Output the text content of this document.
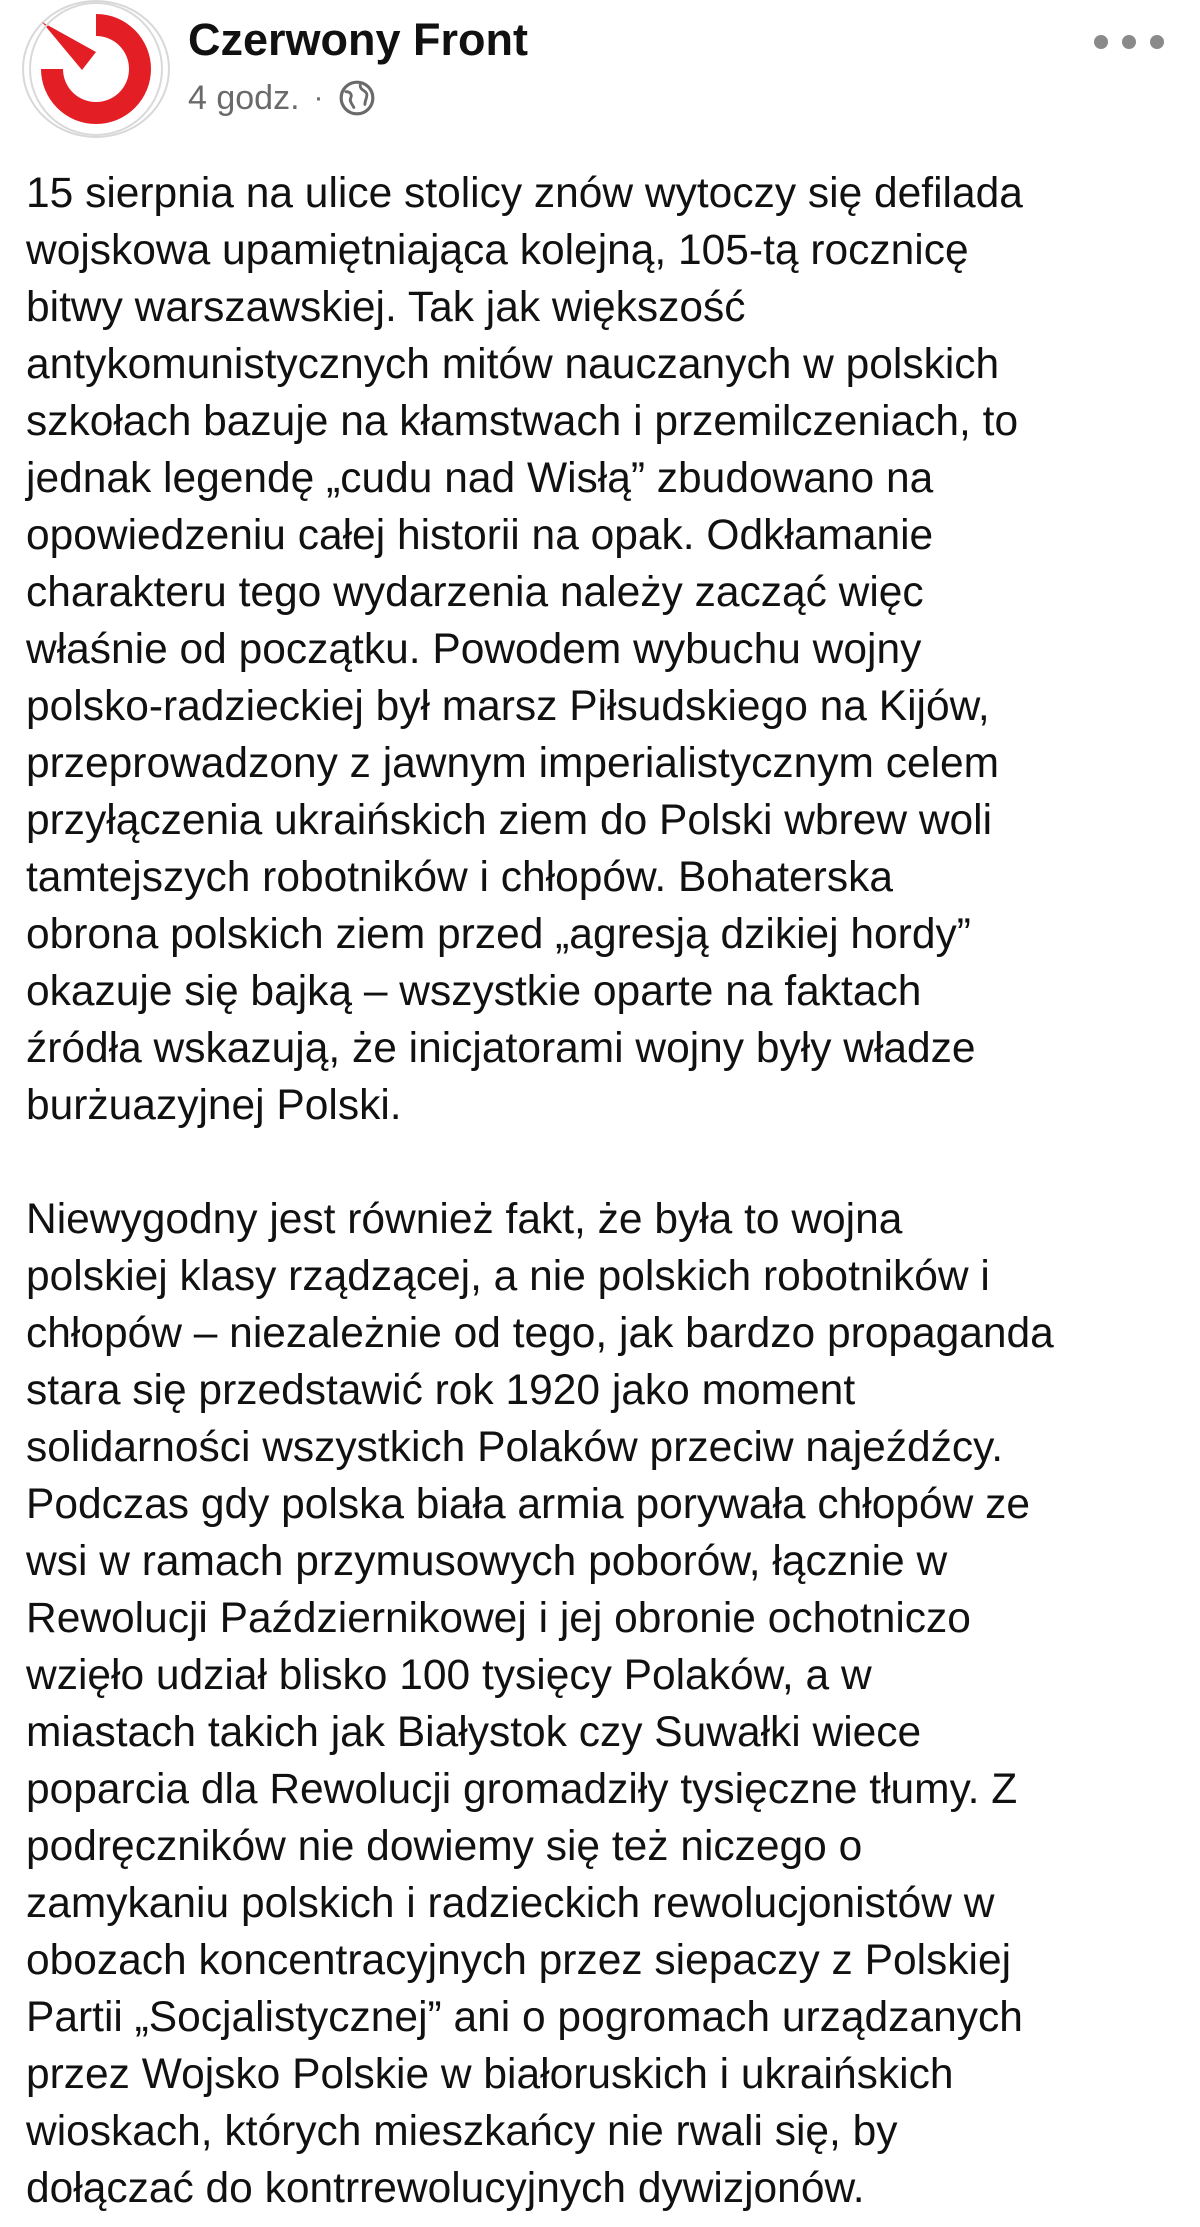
Czerwony Front
4 godz. ·

15 sierpnia na ulice stolicy znów wytoczy się defilada
wojskowa upamiętniająca kolejną, 105-tą rocznicę
bitwy warszawskiej. Tak jak większość
antykomunistycznych mitów nauczanych w polskich
szkołach bazuje na kłamstwach i przemilczeniach, to
jednak legendę „cudu nad Wisłą” zbudowano na
opowiedzeniu całej historii na opak. Odkłamanie
charakteru tego wydarzenia należy zacząć więc
właśnie od początku. Powodem wybuchu wojny
polsko-radzieckiej był marsz Piłsudskiego na Kijów,
przeprowadzony z jawnym imperialistycznym celem
przyłączenia ukraińskich ziem do Polski wbrew woli
tamtejszych robotników i chłopów. Bohaterska
obrona polskich ziem przed „agresją dzikiej hordy”
okazuje się bajką – wszystkie oparte na faktach
źródła wskazują, że inicjatorami wojny były władze
burżuazyjnej Polski.

Niewygodny jest również fakt, że była to wojna
polskiej klasy rządzącej, a nie polskich robotników i
chłopów – niezależnie od tego, jak bardzo propaganda
stara się przedstawić rok 1920 jako moment
solidarności wszystkich Polaków przeciw najeźdźcy.
Podczas gdy polska biała armia porywała chłopów ze
wsi w ramach przymusowych poborów, łącznie w
Rewolucji Październikowej i jej obronie ochotniczo
wzięło udział blisko 100 tysięcy Polaków, a w
miastach takich jak Białystok czy Suwałki wiece
poparcia dla Rewolucji gromadziły tysięczne tłumy. Z
podręczników nie dowiemy się też niczego o
zamykaniu polskich i radzieckich rewolucjonistów w
obozach koncentracyjnych przez siepaczy z Polskiej
Partii „Socjalistycznej” ani o pogromach urządzanych
przez Wojsko Polskie w białoruskich i ukraińskich
wioskach, których mieszkańcy nie rwali się, by
dołączać do kontrrewolucyjnych dywizjonów.
